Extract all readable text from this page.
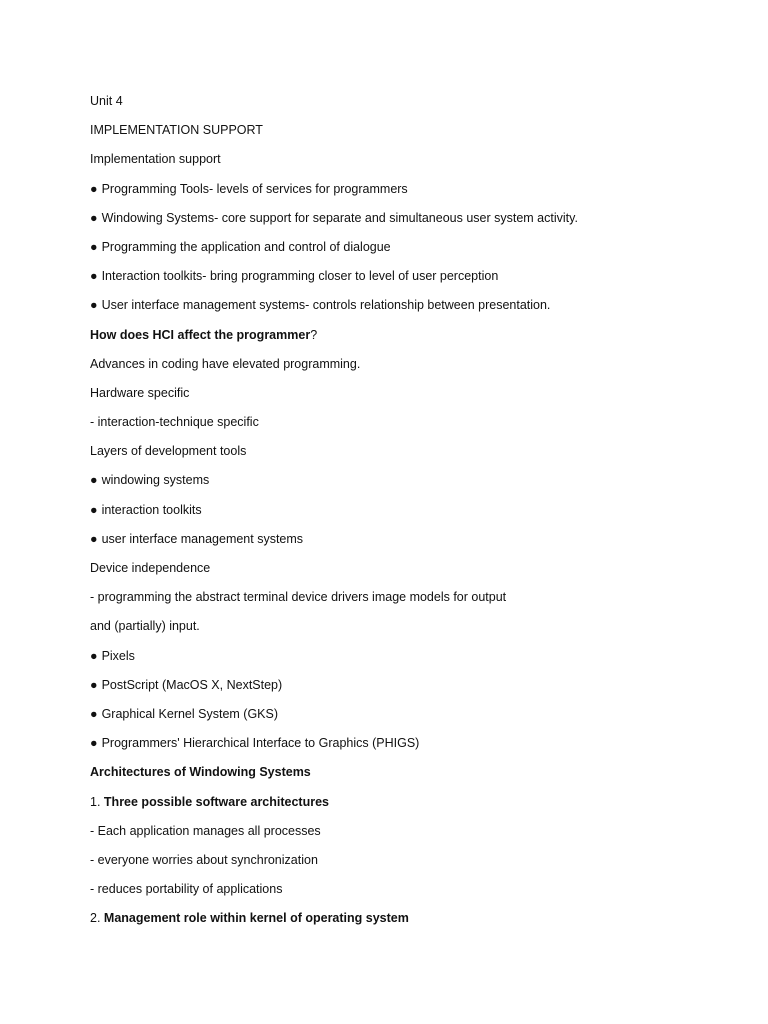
Unit 4
IMPLEMENTATION SUPPORT
Implementation support
● Programming Tools- levels of services for programmers
● Windowing Systems- core support for separate and simultaneous user system activity.
● Programming the application and control of dialogue
● Interaction toolkits- bring programming closer to level of user perception
● User interface management systems- controls relationship between presentation.
How does HCI affect the programmer?
Advances in coding have elevated programming.
Hardware specific
- interaction-technique specific
Layers of development tools
● windowing systems
● interaction toolkits
● user interface management systems
Device independence
- programming the abstract terminal device drivers image models for output
and (partially) input.
● Pixels
● PostScript (MacOS X, NextStep)
● Graphical Kernel System (GKS)
● Programmers' Hierarchical Interface to Graphics (PHIGS)
Architectures of Windowing Systems
1. Three possible software architectures
- Each application manages all processes
- everyone worries about synchronization
- reduces portability of applications
2. Management role within kernel of operating system
